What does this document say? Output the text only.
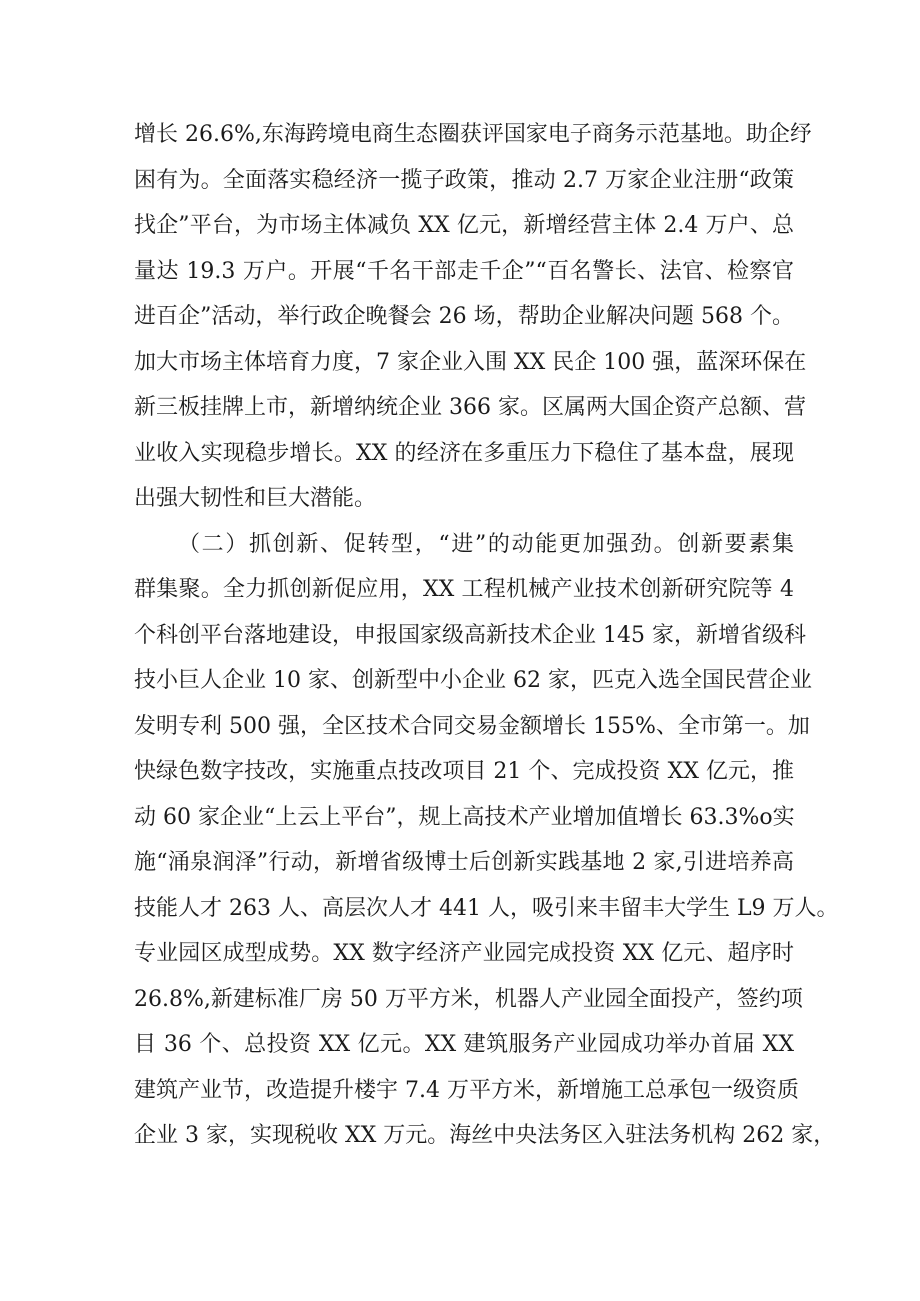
增长 26.6%,东海跨境电商生态圈获评国家电子商务示范基地。助企纾
困有为。全面落实稳经济一揽子政策，推动 2.7 万家企业注册“政策
找企”平台，为市场主体减负 XX 亿元，新增经营主体 2.4 万户、总
量达 19.3 万户。开展“千名干部走千企”“百名警长、法官、检察官
进百企”活动，举行政企晚餐会 26 场，帮助企业解决问题 568 个。
加大市场主体培育力度，7 家企业入围 XX 民企 100 强，蓝深环保在
新三板挂牌上市，新增纳统企业 366 家。区属两大国企资产总额、营
业收入实现稳步增长。XX 的经济在多重压力下稳住了基本盘，展现
出强大韧性和巨大潜能。
（二）抓创新、促转型，“进”的动能更加强劲。创新要素集
群集聚。全力抓创新促应用，XX 工程机械产业技术创新研究院等 4
个科创平台落地建设，申报国家级高新技术企业 145 家，新增省级科
技小巨人企业 10 家、创新型中小企业 62 家，匹克入选全国民营企业
发明专利 500 强，全区技术合同交易金额增长 155%、全市第一。加
快绿色数字技改，实施重点技改项目 21 个、完成投资 XX 亿元，推
动 60 家企业“上云上平台”，规上高技术产业增加值增长 63.3%o实
施“涌泉润泽”行动，新增省级博士后创新实践基地 2 家,引进培养高
技能人才 263 人、高层次人才 441 人，吸引来丰留丰大学生 L9 万人。
专业园区成型成势。XX 数字经济产业园完成投资 XX 亿元、超序时
26.8%,新建标准厂房 50 万平方米，机器人产业园全面投产，签约项
目 36 个、总投资 XX 亿元。XX 建筑服务产业园成功举办首届 XX
建筑产业节，改造提升楼宇 7.4 万平方米，新增施工总承包一级资质
企业 3 家，实现税收 XX 万元。海丝中央法务区入驻法务机构 262 家，
